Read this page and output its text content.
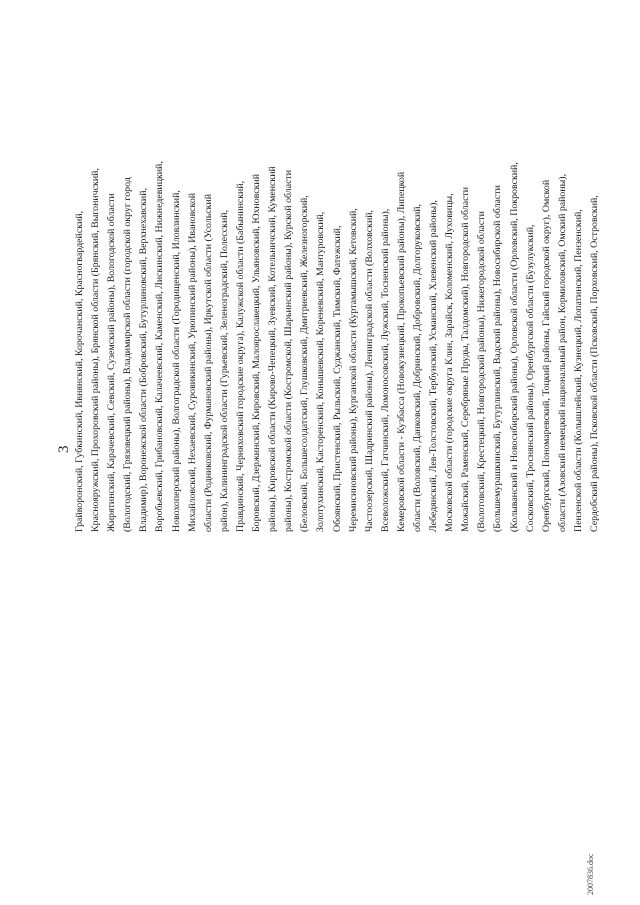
3 Грайворонский, Губкинский, Ивнянский, Корочанский, Красногвардейский, Краснояружский, Прохоровский районы), Брянской области (Брянский, Выгоничский, Жирятинский, Карачевский, Севский, Суземский районы), Вологодской области (Вологодский, Грязовецкий районы), Владимирской области (городской округ город Владимир), Воронежской области (Бобровский, Бутурлиновский, Верхнехавский, Воробьевский, Грибановский, Калачеевский, Каменский, Лискинский, Нижнедевицкий, Новохоперский районы), Волгоградской области (Городищенский, Иловлинский, Михайловский, Нехаевский, Суровикинский, Урюпинский районы), Ивановской области (Родниковский, Фурмановский районы), Иркутской области (Усольский район), Калининградской области (Гурьевский, Зеленоградский, Полесский, Правдинский, Черняховский городские округа), Калужской области (Бабынинский, Боровский, Дзержинский, Кировский, Малоярославецкий, Ульяновский, Юхновский районы), Кировской области (Кирово-Чепецкий, Зуевский, Котельничский, Куменский районы), Костромской области (Костромской, Шарьинский районы), Курской области (Беловский, Большесолдатский, Глушковский, Дмитриевский, Железногорский, Золотухинский, Касторенский, Конышевский, Кореневский, Мантуровский, Обоянский, Пристенский, Рыльский, Суджанский, Тимский, Фатежский, Черемисиновский районы), Курганской области (Куртамышский, Кетовский, Частоозерский, Шадринский районы), Ленинградской области (Волховский, Всеволожский, Гатчинский, Ломоносовский, Лужский, Тосненский районы), Кемеровской области - Кузбасса (Новокузнецкий, Прокопьевский районы), Липецкой области (Воловский, Данковский, Добринский, Добровский, Долгоруковский, Лебедянский, Лев-Толстовский, Тербунский, Усманский, Хлевенский районы), Московской области (городские округа Клин, Зарайск, Коломенский, Луховицы, Можайский, Раменский, Серебряные Пруды, Талдомский), Новгородской области (Волотовский, Крестецкий, Новгородский районы), Нижегородской области (Большемурашкинский, Бутурлинский, Вадский районы), Новосибирской области (Колыванский и Новосибирский районы), Орловской области (Орловский, Покровский, Сосковский, Троснянский районы), Оренбургской области (Бузулукский, Оренбургский, Пономаревский, Тоцкий районы, Гайский городской округ), Омской области (Азовский немецкий национальный район, Кормиловский, Омский районы), Пензенской области (Колышлейский, Кузнецкий, Лопатинский, Пензенский, Сердобский районы), Псковской области (Псковский, Порховский, Островский,
2007836.doc
